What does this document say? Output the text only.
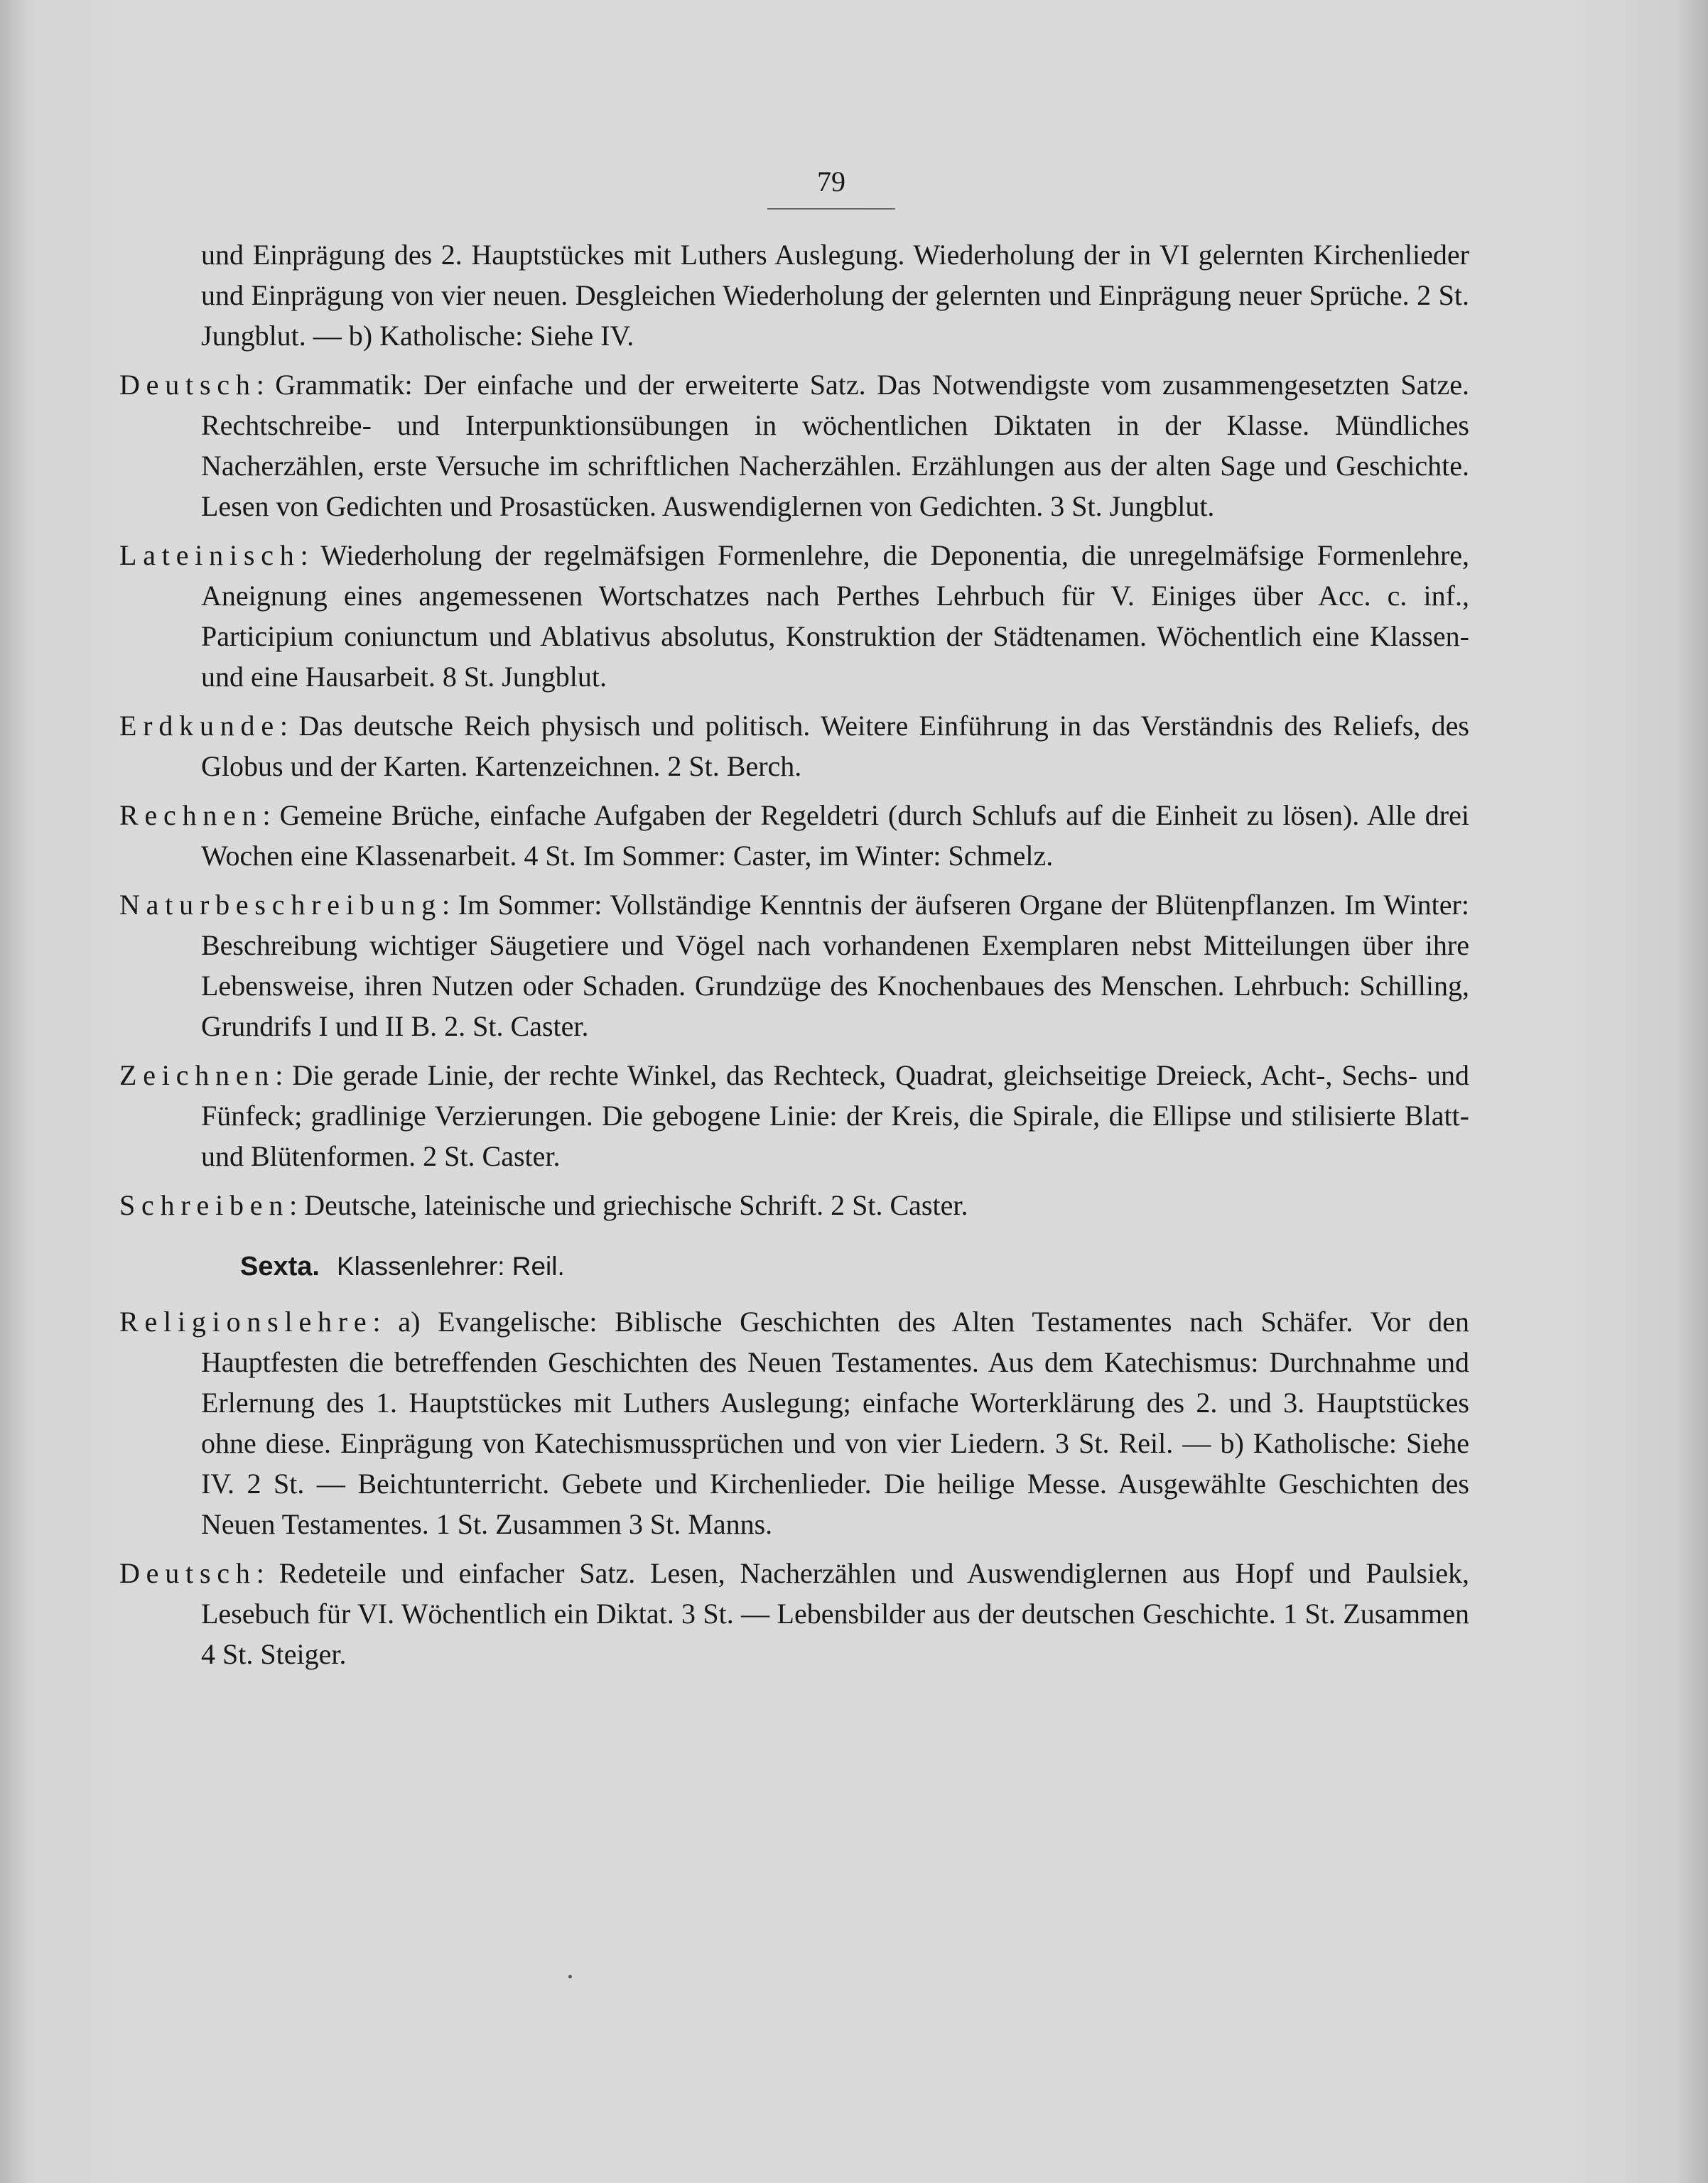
79
und Einprägung des 2. Hauptstückes mit Luthers Auslegung. Wiederholung der in VI gelernten Kirchenlieder und Einprägung von vier neuen. Desgleichen Wiederholung der gelernten und Einprägung neuer Sprüche. 2 St. Jungblut. — b) Katholische: Siehe IV.
Deutsch: Grammatik: Der einfache und der erweiterte Satz. Das Notwendigste vom zusammengesetzten Satze. Rechtschreibe- und Interpunktionsübungen in wöchentlichen Diktaten in der Klasse. Mündliches Nacherzählen, erste Versuche im schriftlichen Nacherzählen. Erzählungen aus der alten Sage und Geschichte. Lesen von Gedichten und Prosastücken. Auswendiglernen von Gedichten. 3 St. Jungblut.
Lateinisch: Wiederholung der regelmäfsigen Formenlehre, die Deponentia, die unregelmäfsige Formenlehre, Aneignung eines angemessenen Wortschatzes nach Perthes Lehrbuch für V. Einiges über Acc. c. inf., Participium coniunctum und Ablativus absolutus, Konstruktion der Städtenamen. Wöchentlich eine Klassen- und eine Hausarbeit. 8 St. Jungblut.
Erdkunde: Das deutsche Reich physisch und politisch. Weitere Einführung in das Verständnis des Reliefs, des Globus und der Karten. Kartenzeichnen. 2 St. Berch.
Rechnen: Gemeine Brüche, einfache Aufgaben der Regeldetri (durch Schlufs auf die Einheit zu lösen). Alle drei Wochen eine Klassenarbeit. 4 St. Im Sommer: Caster, im Winter: Schmelz.
Naturbeschreibung: Im Sommer: Vollständige Kenntnis der äufseren Organe der Blütenpflanzen. Im Winter: Beschreibung wichtiger Säugetiere und Vögel nach vorhandenen Exemplaren nebst Mitteilungen über ihre Lebensweise, ihren Nutzen oder Schaden. Grundzüge des Knochenbaues des Menschen. Lehrbuch: Schilling, Grundrifs I und II B. 2. St. Caster.
Zeichnen: Die gerade Linie, der rechte Winkel, das Rechteck, Quadrat, gleichseitige Dreieck, Acht-, Sechs- und Fünfeck; gradlinige Verzierungen. Die gebogene Linie: der Kreis, die Spirale, die Ellipse und stilisierte Blatt- und Blütenformen. 2 St. Caster.
Schreiben: Deutsche, lateinische und griechische Schrift. 2 St. Caster.
Sexta. Klassenlehrer: Reil.
Religionslehre: a) Evangelische: Biblische Geschichten des Alten Testamentes nach Schäfer. Vor den Hauptfesten die betreffenden Geschichten des Neuen Testamentes. Aus dem Katechismus: Durchnahme und Erlernung des 1. Hauptstückes mit Luthers Auslegung; einfache Worterklärung des 2. und 3. Hauptstückes ohne diese. Einprägung von Katechismussprüchen und von vier Liedern. 3 St. Reil. — b) Katholische: Siehe IV. 2 St. — Beichtunterricht. Gebete und Kirchenlieder. Die heilige Messe. Ausgewählte Geschichten des Neuen Testamentes. 1 St. Zusammen 3 St. Manns.
Deutsch: Redeteile und einfacher Satz. Lesen, Nacherzählen und Auswendiglernen aus Hopf und Paulsiek, Lesebuch für VI. Wöchentlich ein Diktat. 3 St. — Lebensbilder aus der deutschen Geschichte. 1 St. Zusammen 4 St. Steiger.
